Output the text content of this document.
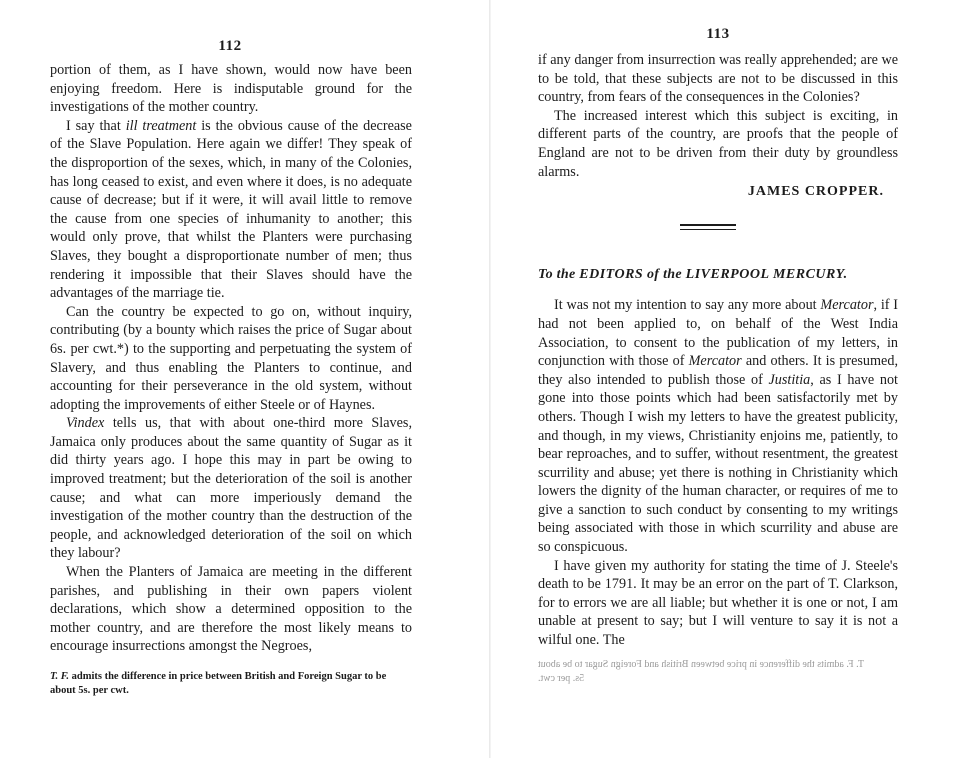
112

portion of them, as I have shown, would now have been enjoying freedom. Here is indisputable ground for the investigations of the mother country.

I say that ill treatment is the obvious cause of the decrease of the Slave Population. Here again we differ! They speak of the disproportion of the sexes, which, in many of the Colonies, has long ceased to exist, and even where it does, is no adequate cause of decrease; but if it were, it will avail little to remove the cause from one species of inhumanity to another; this would only prove, that whilst the Planters were purchasing Slaves, they bought a disproportionate number of men; thus rendering it impossible that their Slaves should have the advantages of the marriage tie.

Can the country be expected to go on, without inquiry, contributing (by a bounty which raises the price of Sugar about 6s. per cwt.*) to the supporting and perpetuating the system of Slavery, and thus enabling the Planters to continue, and accounting for their perseverance in the old system, without adopting the improvements of either Steele or of Haynes.

Vindex tells us, that with about one-third more Slaves, Jamaica only produces about the same quantity of Sugar as it did thirty years ago. I hope this may in part be owing to improved treatment; but the deterioration of the soil is another cause; and what can more imperiously demand the investigation of the mother country than the destruction of the people, and acknowledged deterioration of the soil on which they labour?

When the Planters of Jamaica are meeting in the different parishes, and publishing in their own papers violent declarations, which show a determined opposition to the mother country, and are therefore the most likely means to encourage insurrections amongst the Negroes,

T. F. admits the difference in price between British and Foreign Sugar to be about 5s. per cwt.
113

if any danger from insurrection was really apprehended; are we to be told, that these subjects are not to be discussed in this country, from fears of the consequences in the Colonies?

The increased interest which this subject is exciting, in different parts of the country, are proofs that the people of England are not to be driven from their duty by groundless alarms.

JAMES CROPPER.
To the EDITORS of the LIVERPOOL MERCURY.

It was not my intention to say any more about Mercator, if I had not been applied to, on behalf of the West India Association, to consent to the publication of my letters, in conjunction with those of Mercator and others. It is presumed, they also intended to publish those of Justitia, as I have not gone into those points which had been satisfactorily met by others. Though I wish my letters to have the greatest publicity, and though, in my views, Christianity enjoins me, patiently, to bear reproaches, and to suffer, without resentment, the greatest scurrility and abuse; yet there is nothing in Christianity which lowers the dignity of the human character, or requires of me to give a sanction to such conduct by consenting to my writings being associated with those in which scurrility and abuse are so conspicuous.

I have given my authority for stating the time of J. Steele's death to be 1791. It may be an error on the part of T. Clarkson, for to errors we are all liable; but whether it is one or not, I am unable at present to say; but I will venture to say it is not a wilful one. The

T. F. admits the difference in price between British and Foreign Sugar to be about 5s. per cwt.
